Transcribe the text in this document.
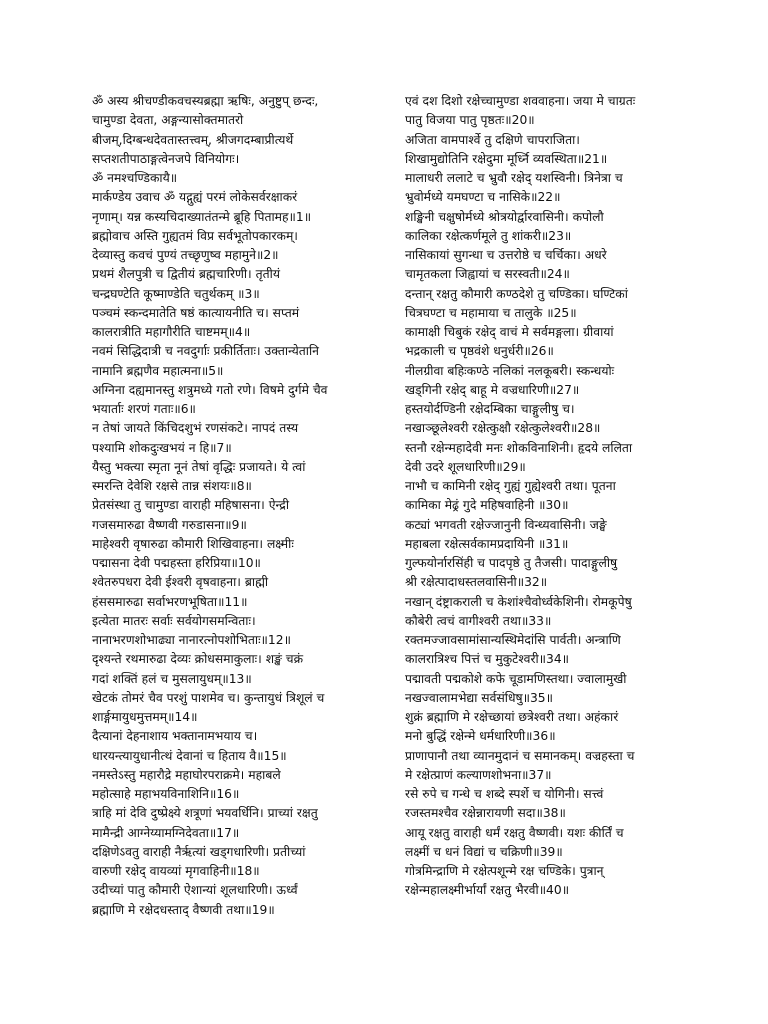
ॐ अस्य श्रीचण्डीकवचस्यब्रह्मा ऋषिः, अनुष्टुप् छन्दः,
चामुण्डा देवता, अङ्गन्यासोक्तमातरो
बीजम्,दिग्बन्धदेवतास्तत्त्वम्, श्रीजगदम्बाप्रीत्यर्थे
सप्तशतीपाठाङ्गत्वेनजपे विनियोगः।
ॐ नमश्चण्डिकायै॥
मार्कण्डेय उवाच ॐ यद्गुह्यं परमं लोकेसर्वरक्षाकरं
नृणाम्। यन्न कस्यचिदाख्यातंतन्मे ब्रूहि पितामह॥1॥
ब्रह्मोवाच अस्ति गुह्यतमं विप्र सर्वभूतोपकारकम्।
देव्यास्तु कवचं पुण्यं तच्छृणुष्व महामुने॥2॥
प्रथमं शैलपुत्री च द्वितीयं ब्रह्मचारिणी। तृतीयं
चन्द्रघण्टेति कूष्माण्डेति चतुर्थकम् ॥3॥
पञ्चमं स्कन्दमातेति षष्ठं कात्यायनीति च। सप्तमं
कालरात्रीति महागौरीति चाष्टमम्॥4॥
नवमं सिद्धिदात्री च नवदुर्गाः प्रकीर्तिताः। उक्तान्येतानि
नामानि ब्रह्मणैव महात्मना॥5॥
अग्निना दह्यमानस्तु शत्रुमध्ये गतो रणे। विषमे दुर्गमे चैव
भयार्ताः शरणं गताः॥6॥
न तेषां जायते किंचिदशुभं रणसंकटे। नापदं तस्य
पश्यामि शोकदुःखभयं न हि॥7॥
यैस्तु भक्त्या स्मृता नूनं तेषां वृद्धिः प्रजायते। ये त्वां
स्मरन्ति देवेशि रक्षसे तान्न संशयः॥8॥
प्रेतसंस्था तु चामुण्डा वाराही महिषासना। ऐन्द्री
गजसमारुढा वैष्णवी गरुडासना॥9॥
माहेश्वरी वृषारुढा कौमारी शिखिवाहना। लक्ष्मीः
पद्मासना देवी पद्महस्ता हरिप्रिया॥10॥
श्वेतरुपधरा देवी ईश्वरी वृषवाहना। ब्राह्मी
हंससमारुढा सर्वाभरणभूषिता॥11॥
इत्येता मातरः सर्वाः सर्वयोगसमन्विताः।
नानाभरणशोभाढ्या नानारत्नोपशोभिताः॥12॥
दृश्यन्ते रथमारुढा देव्यः क्रोधसमाकुलाः। शङ्खं चक्रं
गदां शक्तिं हलं च मुसलायुधम्॥13॥
खेटकं तोमरं चैव परशुं पाशमेव च। कुन्तायुधं त्रिशूलं च
शार्ङ्गमायुधमुत्तमम्॥14॥
दैत्यानां देहनाशाय भक्तानामभयाय च।
धारयन्त्यायुधानीत्थं देवानां च हिताय वै॥15॥
नमस्तेऽस्तु महारौद्रे महाघोरपराक्रमे। महाबले
महोत्साहे महाभयविनाशिनि॥16॥
त्राहि मां देवि दुष्प्रेक्ष्ये शत्रूणां भयवर्धिनि। प्राच्यां रक्षतु
मामैन्द्री आग्नेय्यामग्निदेवता॥17॥
दक्षिणेऽवतु वाराही नैर्ऋत्यां खड्गधारिणी। प्रतीच्यां
वारुणी रक्षेद् वायव्यां मृगवाहिनी॥18॥
उदीच्यां पातु कौमारी ऐशान्यां शूलधारिणी। ऊर्ध्वं
ब्रह्माणि मे रक्षेदधस्ताद् वैष्णवी तथा॥19॥
एवं दश दिशो रक्षेच्चामुण्डा शववाहना। जया मे चाग्रतः
पातु विजया पातु पृष्ठतः॥20॥
अजिता वामपार्श्वे तु दक्षिणे चापराजिता।
शिखामुद्योतिनि रक्षेदुमा मूर्ध्नि व्यवस्थिता॥21॥
मालाधरी ललाटे च भ्रुवौ रक्षेद् यशस्विनी। त्रिनेत्रा च
भ्रुवोर्मध्ये यमघण्टा च नासिके॥22॥
शङ्खिनी चक्षुषोर्मध्ये श्रोत्रयोर्द्वारवासिनी। कपोलौ
कालिका रक्षेत्कर्णमूले तु शांकरी॥23॥
नासिकायां सुगन्धा च उत्तरोष्ठे च चर्चिका। अधरे
चामृतकला जिह्वायां च सरस्वती॥24॥
दन्तान् रक्षतु कौमारी कण्ठदेशे तु चण्डिका। घण्टिकां
चित्रघण्टा च महामाया च तालुके ॥25॥
कामाक्षी चिबुकं रक्षेद् वाचं मे सर्वमङ्गला। ग्रीवायां
भद्रकाली च पृष्ठवंशे धनुर्धरी॥26॥
नीलग्रीवा बहिःकण्ठे नलिकां नलकूबरी। स्कन्धयोः
खड्गिनी रक्षेद् बाहू मे वज्रधारिणी॥27॥
हस्तयोर्दण्डिनी रक्षेदम्बिका चाङ्गुलीषु च।
नखाञ्छूलेश्वरी रक्षेत्कुक्षौ रक्षेत्कुलेश्वरी॥28॥
स्तनौ रक्षेन्महादेवी मनः शोकविनाशिनी। हृदये ललिता
देवी उदरे शूलधारिणी॥29॥
नाभौ च कामिनी रक्षेद् गुह्यं गुह्येश्वरी तथा। पूतना
कामिका मेढ्रं गुदे महिषवाहिनी ॥30॥
कट्यां भगवती रक्षेज्जानुनी विन्ध्यवासिनी। जङ्घे
महाबला रक्षेत्सर्वकामप्रदायिनी ॥31॥
गुल्फयोर्नारसिंही च पादपृष्ठे तु तैजसी। पादाङ्गुलीषु
श्री रक्षेत्पादाधस्तलवासिनी॥32॥
नखान् दंष्ट्राकराली च केशांश्चैवोर्ध्वकेशिनी। रोमकूपेषु
कौबेरी त्वचं वागीश्वरी तथा॥33॥
रक्तमज्जावसामांसान्यस्थिमेदांसि पार्वती। अन्त्राणि
कालरात्रिश्च पित्तं च मुकुटेश्वरी॥34॥
पद्मावती पद्मकोशे कफे चूडामणिस्तथा। ज्वालामुखी
नखज्वालामभेद्या सर्वसंधिषु॥35॥
शुक्रं ब्रह्माणि मे रक्षेच्छायां छत्रेश्वरी तथा। अहंकारं
मनो बुद्धिं रक्षेन्मे धर्मधारिणी॥36॥
प्राणापानौ तथा व्यानमुदानं च समानकम्। वज्रहस्ता च
मे रक्षेत्प्राणं कल्याणशोभना॥37॥
रसे रुपे च गन्धे च शब्दे स्पर्शे च योगिनी। सत्त्वं
रजस्तमश्चैव रक्षेन्नारायणी सदा॥38॥
आयू रक्षतु वाराही धर्मं रक्षतु वैष्णवी। यशः कीर्तिं च
लक्ष्मीं च धनं विद्यां च चक्रिणी॥39॥
गोत्रमिन्द्राणि मे रक्षेत्पशून्मे रक्ष चण्डिके। पुत्रान्
रक्षेन्महालक्ष्मीर्भार्यां रक्षतु भैरवी॥40॥
